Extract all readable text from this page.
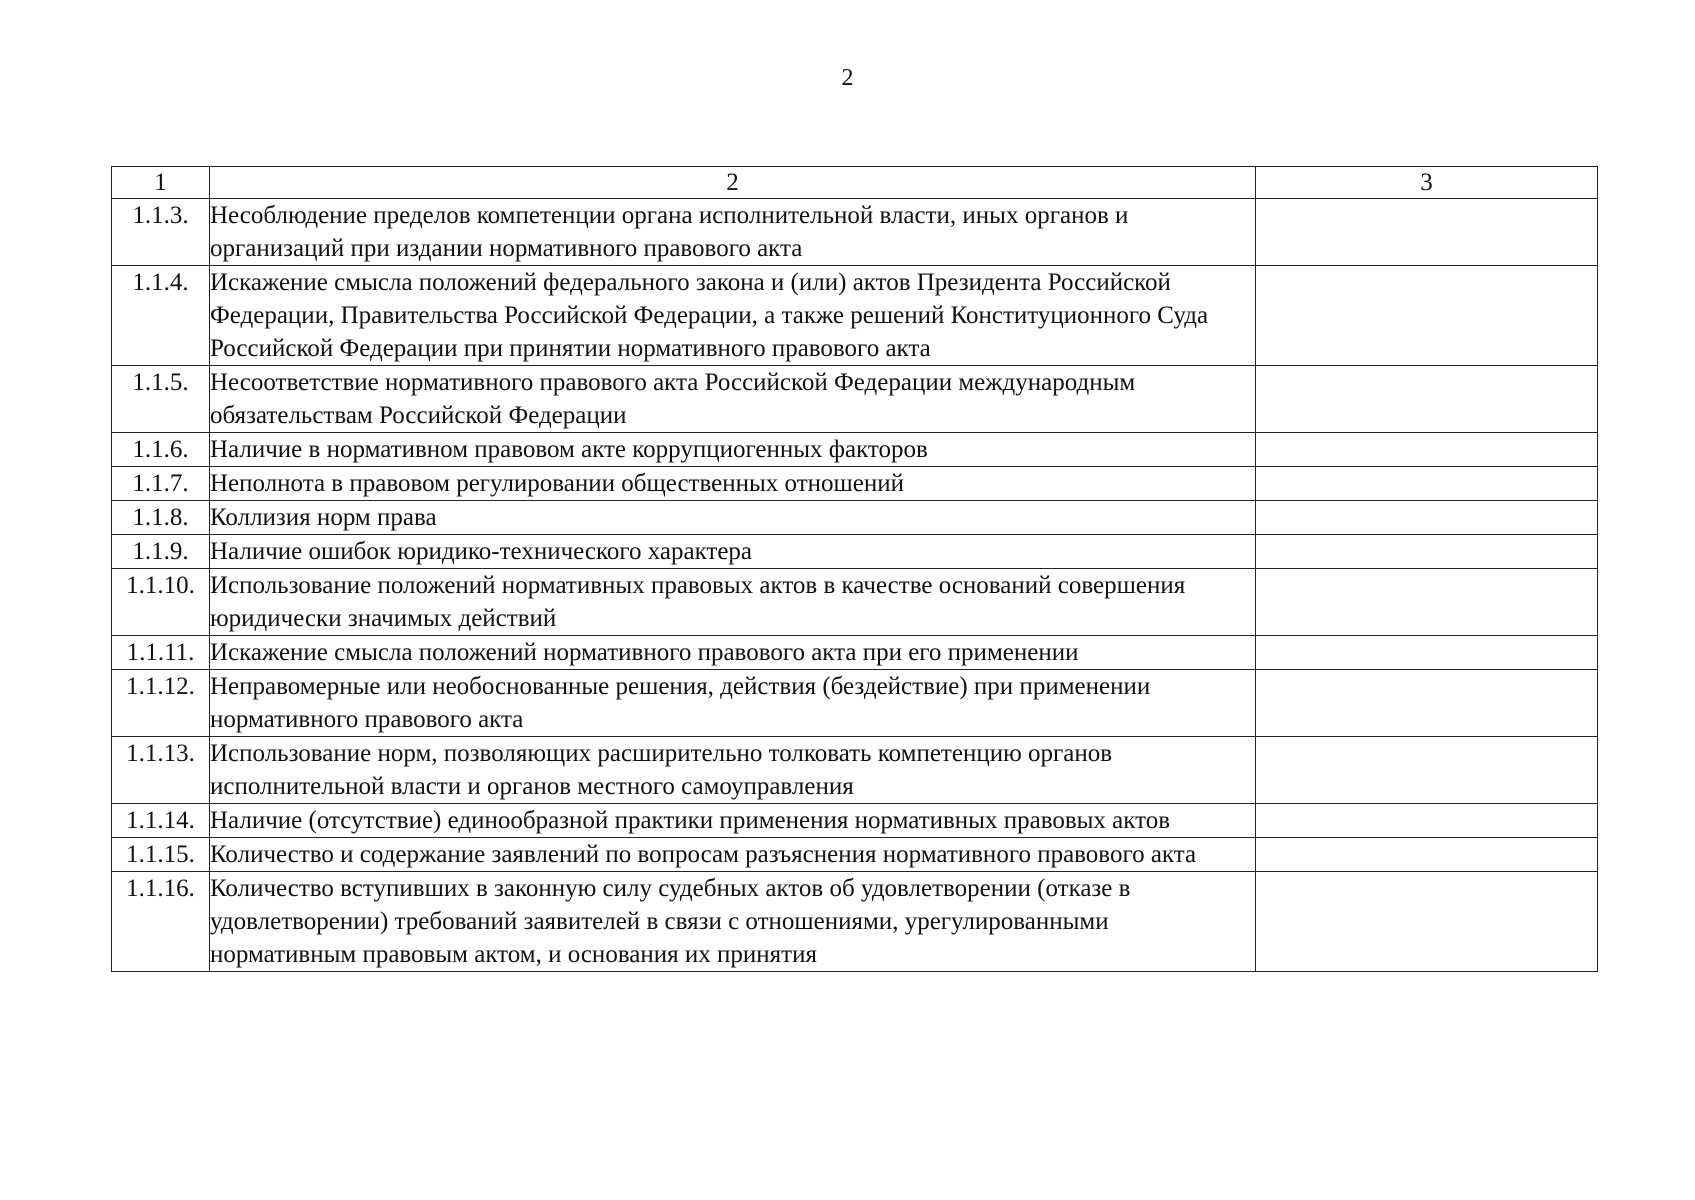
2
1	2	3
1.1.3.	Несоблюдение пределов компетенции органа исполнительной власти, иных органов и организаций при издании нормативного правового акта	
1.1.4.	Искажение смысла положений федерального закона и (или) актов Президента Российской Федерации, Правительства Российской Федерации, а также решений Конституционного Суда Российской Федерации при принятии нормативного правового акта	
1.1.5.	Несоответствие нормативного правового акта Российской Федерации международным обязательствам Российской Федерации	
1.1.6.	Наличие в нормативном правовом акте коррупциогенных факторов	
1.1.7.	Неполнота в правовом регулировании общественных отношений	
1.1.8.	Коллизия норм права	
1.1.9.	Наличие ошибок юридико-технического характера	
1.1.10.	Использование положений нормативных правовых актов в качестве оснований совершения юридически значимых действий	
1.1.11.	Искажение смысла положений нормативного правового акта при его применении	
1.1.12.	Неправомерные или необоснованные решения, действия (бездействие) при применении нормативного правового акта	
1.1.13.	Использование норм, позволяющих расширительно толковать компетенцию органов исполнительной власти и органов местного самоуправления	
1.1.14.	Наличие (отсутствие) единообразной практики применения нормативных правовых актов	
1.1.15.	Количество и содержание заявлений по вопросам разъяснения нормативного правового акта	
1.1.16.	Количество вступивших в законную силу судебных актов об удовлетворении (отказе в удовлетворении) требований заявителей в связи с отношениями, урегулированными нормативным правовым актом, и основания их принятия	
